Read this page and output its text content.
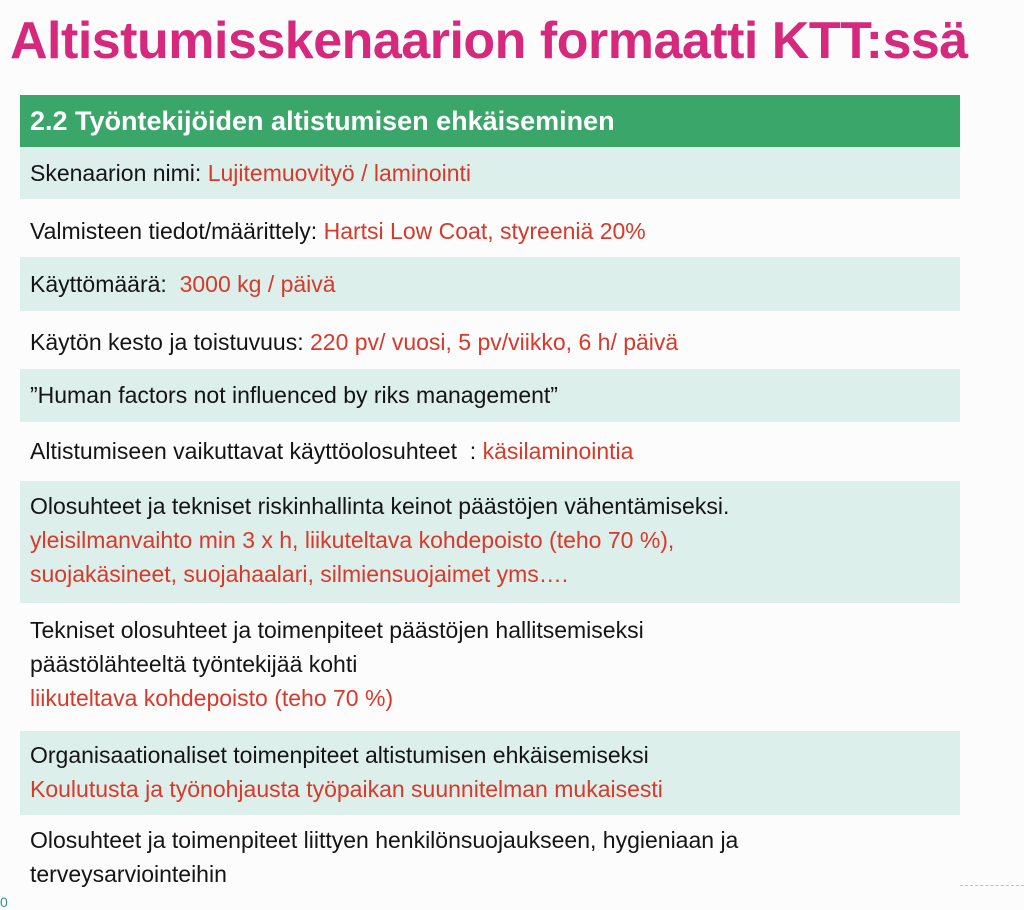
Altistumisskenaarion formaatti KTT:ssä
2.2 Työntekijöiden altistumisen ehkäiseminen
Skenaarion nimi: Lujitemuovityö / laminointi
Valmisteen tiedot/määrittely: Hartsi Low Coat, styreeniä 20%
Käyttömäärä:  3000 kg / päivä
Käytön kesto ja toistuvuus: 220 pv/ vuosi, 5 pv/viikko, 6 h/ päivä
”Human factors not influenced by riks management”
Altistumiseen vaikuttavat käyttöolosuhteet  : käsilaminointia
Olosuhteet ja tekniset riskinhallinta keinot päästöjen vähentämiseksi.
yleisilmanvaihto min 3 x h, liikuteltava kohdepoisto (teho 70 %),
suojakäsineet, suojahaalari, silmiensuojaimet yms….
Tekniset olosuhteet ja toimenpiteet päästöjen hallitsemiseksi
päästölähteeltä työntekijää kohti
liikuteltava kohdepoisto (teho 70 %)
Organisaationaliset toimenpiteet altistumisen ehkäisemiseksi
Koulutusta ja työnohjausta työpaikan suunnitelman mukaisesti
Olosuhteet ja toimenpiteet liittyen henkilönsuojaukseen, hygieniaan ja
terveysarviointeihin
0
